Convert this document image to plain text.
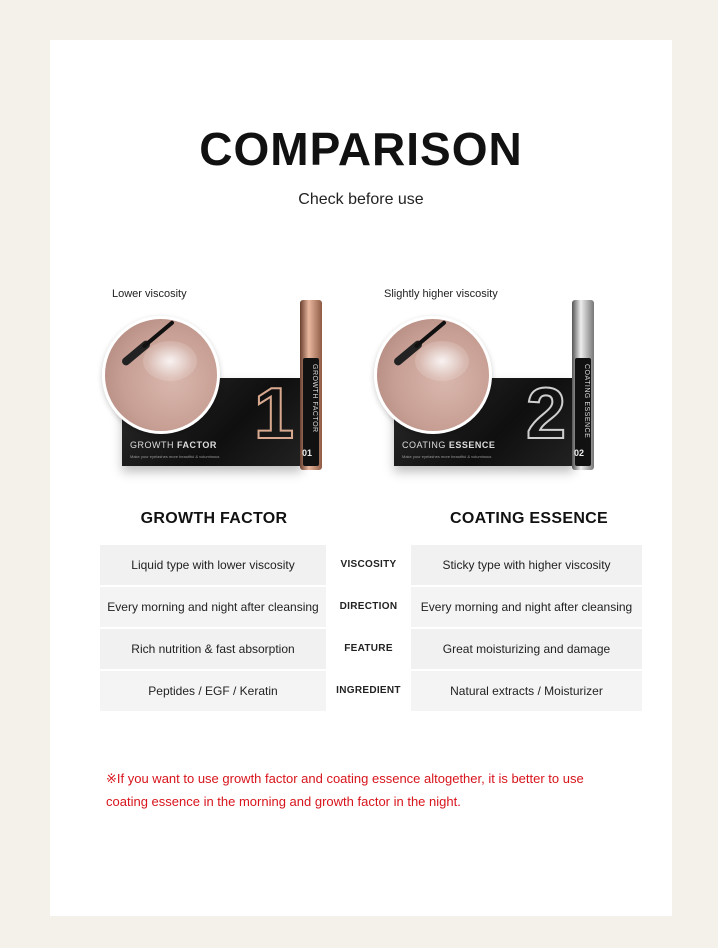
COMPARISON
Check before use
Lower viscosity
1
GROWTH FACTOR
Make your eyelashes more beautiful & voluminous
GROWTH FACTOR
01
Slightly higher viscosity
2
COATING ESSENCE
Make your eyelashes more beautiful & voluminous
COATING ESSENCE
02
GROWTH FACTOR	COATING ESSENCE
Liquid type with lower viscosity	VISCOSITY	Sticky type with higher viscosity
Every morning and night after cleansing	DIRECTION	Every morning and night after cleansing
Rich nutrition & fast absorption	FEATURE	Great moisturizing and damage
Peptides / EGF / Keratin	INGREDIENT	Natural extracts / Moisturizer
※If you want to use growth factor and coating essence altogether, it is better to use coating essence in the morning and growth factor in the night.
